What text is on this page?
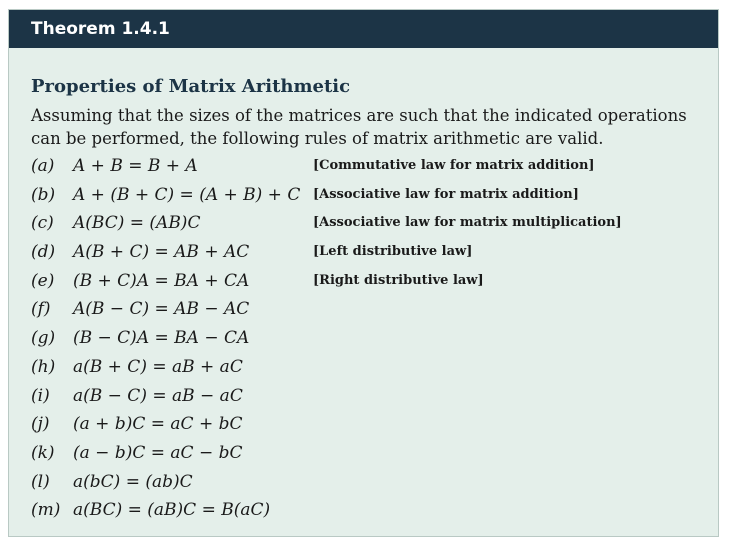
Theorem 1.4.1
Properties of Matrix Arithmetic
Assuming that the sizes of the matrices are such that the indicated operations can be performed, the following rules of matrix arithmetic are valid.
(a) A + B = B + A	[Commutative law for matrix addition]
(b) A + (B + C) = (A + B) + C [Associative law for matrix addition]
(c) A(BC) = (AB)C	[Associative law for matrix multiplication]
(d) A(B + C) = AB + AC	[Left distributive law]
(e) (B + C)A = BA + CA	[Right distributive law]
(f) A(B − C) = AB − AC
(g) (B − C)A = BA − CA
(h) a(B + C) = aB + aC
(i) a(B − C) = aB − aC
(j) (a + b)C = aC + bC
(k) (a − b)C = aC − bC
(l) a(bC) = (ab)C
(m) a(BC) = (aB)C = B(aC)
